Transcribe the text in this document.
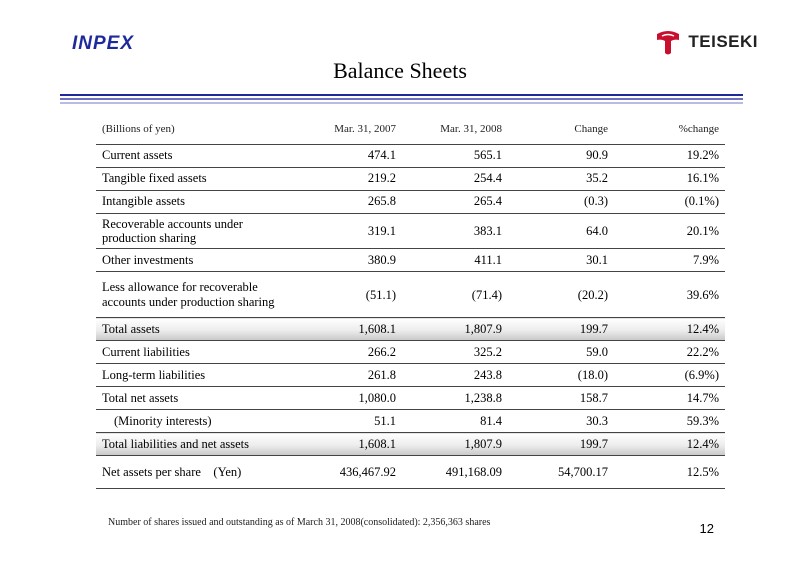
INPEX	TEISEKI
Balance Sheets
(Billions of yen)	Mar. 31, 2007	Mar. 31, 2008	Change	%change
Current assets	474.1	565.1	90.9	19.2%
Tangible fixed assets	219.2	254.4	35.2	16.1%
Intangible assets	265.8	265.4	(0.3)	(0.1%)
Recoverable accounts under production sharing	319.1	383.1	64.0	20.1%
Other investments	380.9	411.1	30.1	7.9%
Less allowance for recoverable accounts under production sharing	(51.1)	(71.4)	(20.2)	39.6%
Total assets	1,608.1	1,807.9	199.7	12.4%
Current liabilities	266.2	325.2	59.0	22.2%
Long-term liabilities	261.8	243.8	(18.0)	(6.9%)
Total net assets	1,080.0	1,238.8	158.7	14.7%
(Minority interests)	51.1	81.4	30.3	59.3%
Total liabilities and net assets	1,608.1	1,807.9	199.7	12.4%
Net assets per share    (Yen)	436,467.92	491,168.09	54,700.17	12.5%
Number of shares issued and outstanding as of March 31, 2008(consolidated): 2,356,363 shares	12
